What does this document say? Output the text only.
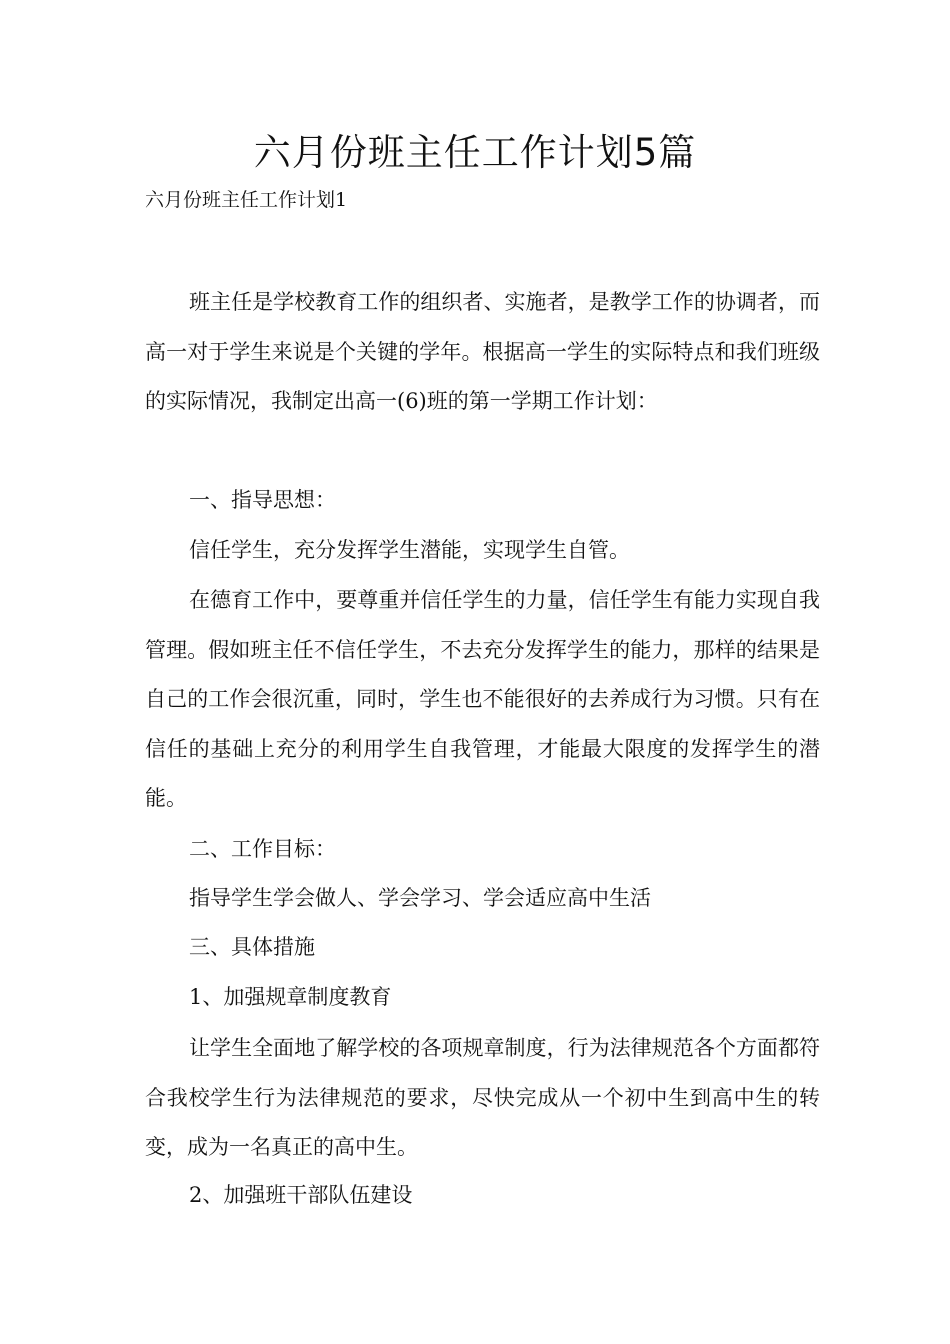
六月份班主任工作计划5篇
六月份班主任工作计划1

班主任是学校教育工作的组织者、实施者，是教学工作的协调者，而高一对于学生来说是个关键的学年。根据高一学生的实际特点和我们班级的实际情况，我制定出高一(6)班的第一学期工作计划：

一、指导思想：
信任学生，充分发挥学生潜能，实现学生自管。

在德育工作中，要尊重并信任学生的力量，信任学生有能力实现自我管理。假如班主任不信任学生，不去充分发挥学生的能力，那样的结果是自己的工作会很沉重，同时，学生也不能很好的去养成行为习惯。只有在信任的基础上充分的利用学生自我管理，才能最大限度的发挥学生的潜能。

二、工作目标：
指导学生学会做人、学会学习、学会适应高中生活
三、具体措施
1、加强规章制度教育

让学生全面地了解学校的各项规章制度，行为法律规范各个方面都符合我校学生行为法律规范的要求，尽快完成从一个初中生到高中生的转变，成为一名真正的高中生。

2、加强班干部队伍建设
